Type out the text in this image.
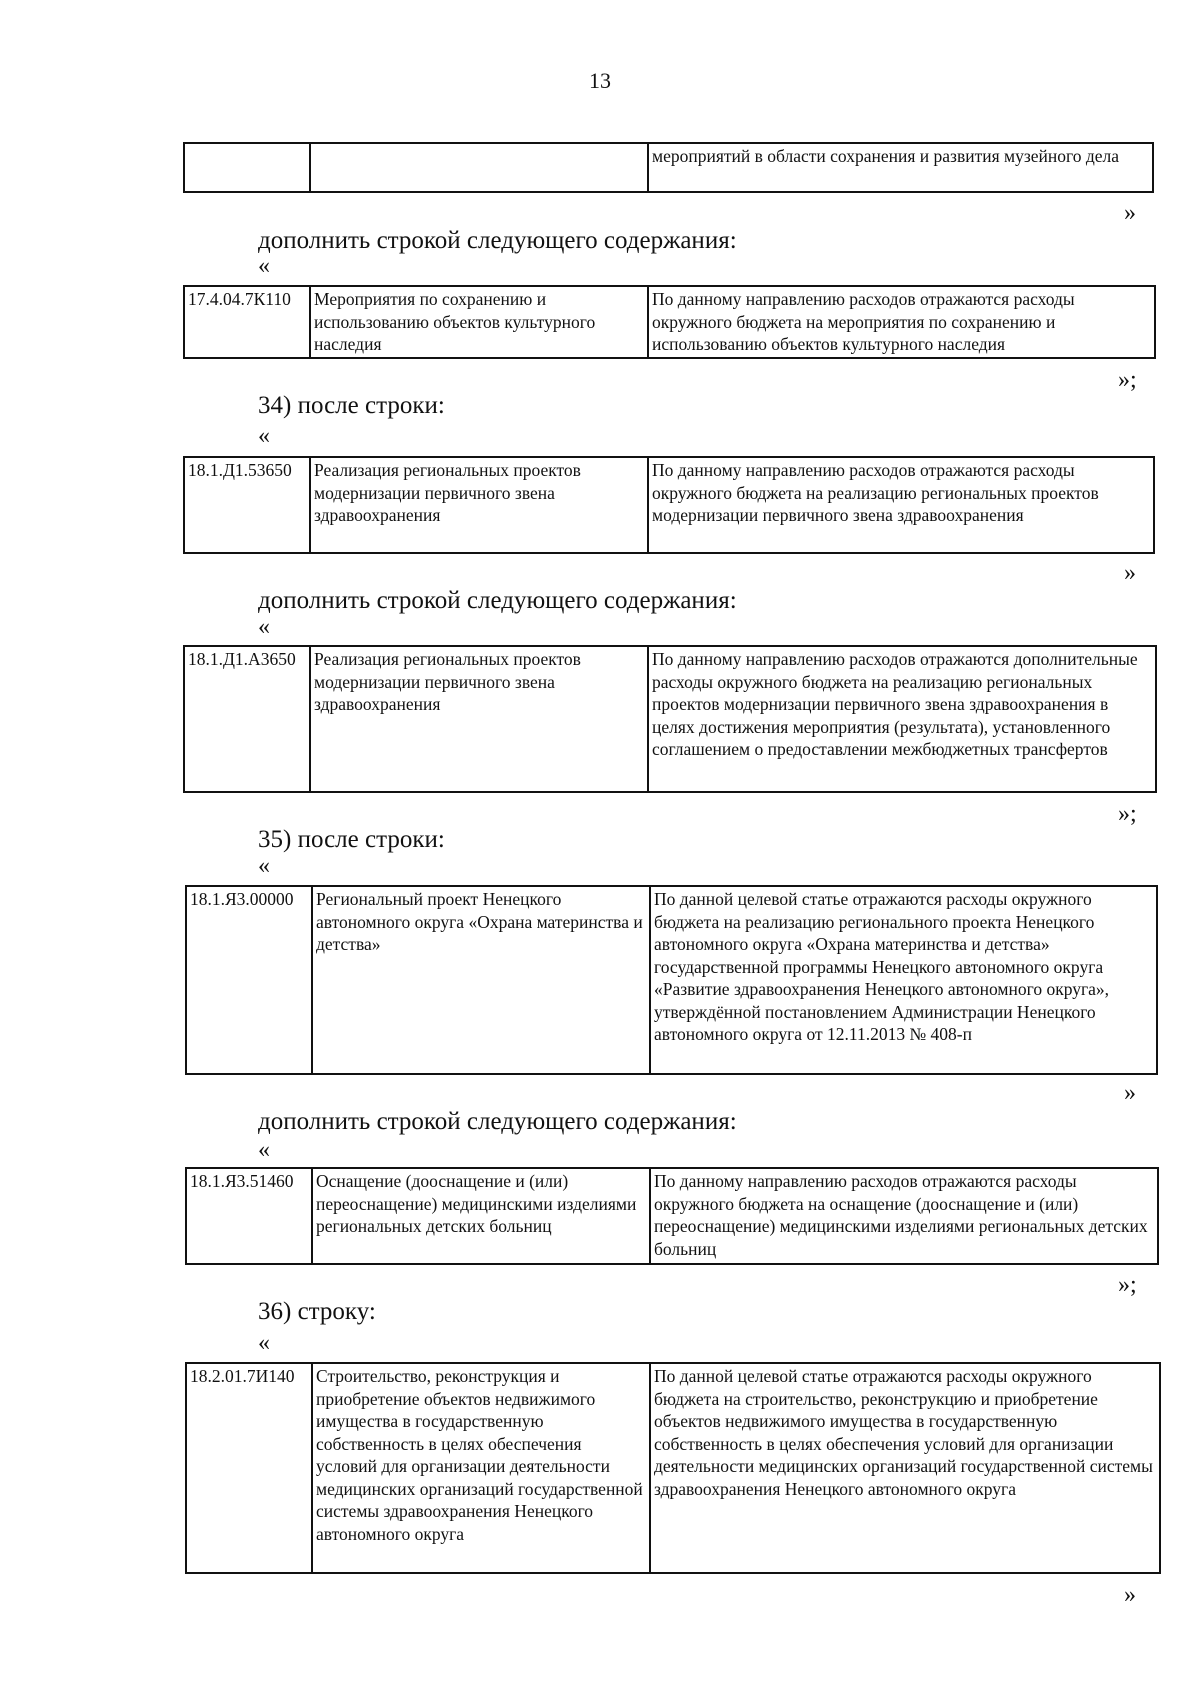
13
		мероприятий в области сохранения и развития музейного дела
»
дополнить строкой следующего содержания:
«
17.4.04.7К110	Мероприятия по сохранению и использованию объектов культурного наследия	По данному направлению расходов отражаются расходы окружного бюджета на мероприятия по сохранению и использованию объектов культурного наследия
»;
34) после строки:
«
18.1.Д1.53650	Реализация региональных проектов модернизации первичного звена здравоохранения	По данному направлению расходов отражаются расходы окружного бюджета на реализацию региональных проектов модернизации первичного звена здравоохранения
»
дополнить строкой следующего содержания:
«
18.1.Д1.А3650	Реализация региональных проектов модернизации первичного звена здравоохранения	По данному направлению расходов отражаются дополнительные расходы окружного бюджета на реализацию региональных проектов модернизации первичного звена здравоохранения в целях достижения мероприятия (результата), установленного соглашением о предоставлении межбюджетных трансфертов
»;
35) после строки:
«
18.1.Я3.00000	Региональный проект Ненецкого автономного округа «Охрана материнства и детства»	По данной целевой статье отражаются расходы окружного бюджета на реализацию регионального проекта Ненецкого автономного округа «Охрана материнства и детства» государственной программы Ненецкого автономного округа «Развитие здравоохранения Ненецкого автономного округа», утверждённой постановлением Администрации Ненецкого автономного округа от 12.11.2013 № 408-п
»
дополнить строкой следующего содержания:
«
18.1.Я3.51460	Оснащение (дооснащение и (или) переоснащение) медицинскими изделиями региональных детских больниц	По данному направлению расходов отражаются расходы окружного бюджета на оснащение (дооснащение и (или) переоснащение) медицинскими изделиями региональных детских больниц
»;
36) строку:
«
18.2.01.7И140	Строительство, реконструкция и приобретение объектов недвижимого имущества в государственную собственность в целях обеспечения условий для организации деятельности медицинских организаций государственной системы здравоохранения Ненецкого автономного округа	По данной целевой статье отражаются расходы окружного бюджета на строительство, реконструкцию и приобретение объектов недвижимого имущества в государственную собственность в целях обеспечения условий для организации деятельности медицинских организаций государственной системы здравоохранения Ненецкого автономного округа
»
